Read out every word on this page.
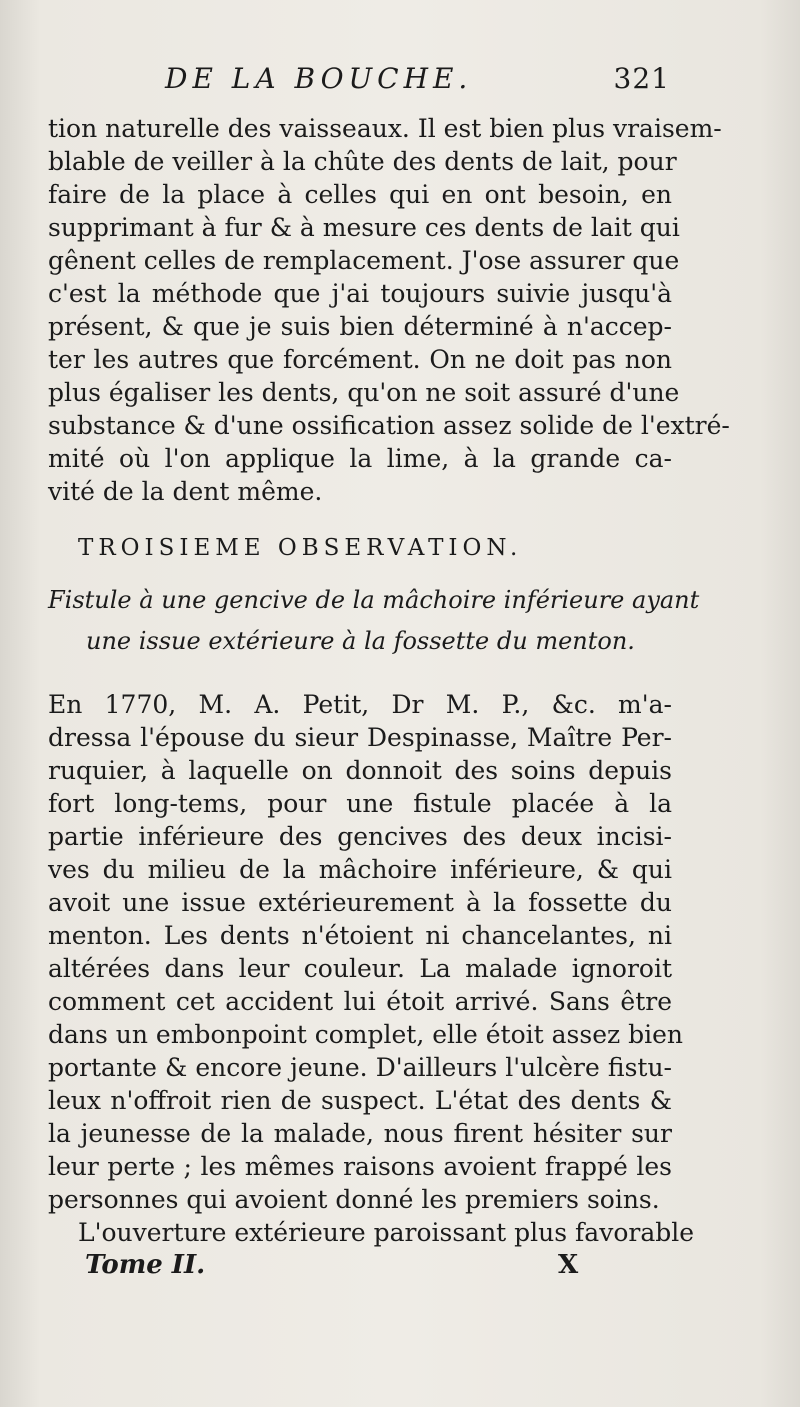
DE LA BOUCHE.	321
tion naturelle des vaisseaux. Il est bien plus vraisem-
blable de veiller à la chûte des dents de lait, pour
faire de la place à celles qui en ont besoin, en
supprimant à fur & à mesure ces dents de lait qui
gênent celles de remplacement. J'ose assurer que
c'est la méthode que j'ai toujours suivie jusqu'à
présent, & que je suis bien déterminé à n'accep-
ter les autres que forcément. On ne doit pas non
plus égaliser les dents, qu'on ne soit assuré d'une
substance & d'une ossification assez solide de l'extré-
mité où l'on applique la lime, à la grande ca-
vité de la dent même.
TROISIEME OBSERVATION.
Fistule à une gencive de la mâchoire inférieure ayant
une issue extérieure à la fossette du menton.
En 1770, M. A. Petit, Dr M. P., &c. m'a-
dressa l'épouse du sieur Despinasse, Maître Per-
ruquier, à laquelle on donnoit des soins depuis
fort long-tems, pour une fistule placée à la
partie inférieure des gencives des deux incisi-
ves du milieu de la mâchoire inférieure, & qui
avoit une issue extérieurement à la fossette du
menton. Les dents n'étoient ni chancelantes, ni
altérées dans leur couleur. La malade ignoroit
comment cet accident lui étoit arrivé. Sans être
dans un embonpoint complet, elle étoit assez bien
portante & encore jeune. D'ailleurs l'ulcère fistu-
leux n'offroit rien de suspect. L'état des dents &
la jeunesse de la malade, nous firent hésiter sur
leur perte ; les mêmes raisons avoient frappé les
personnes qui avoient donné les premiers soins.
L'ouverture extérieure paroissant plus favorable
Tome II.	X
